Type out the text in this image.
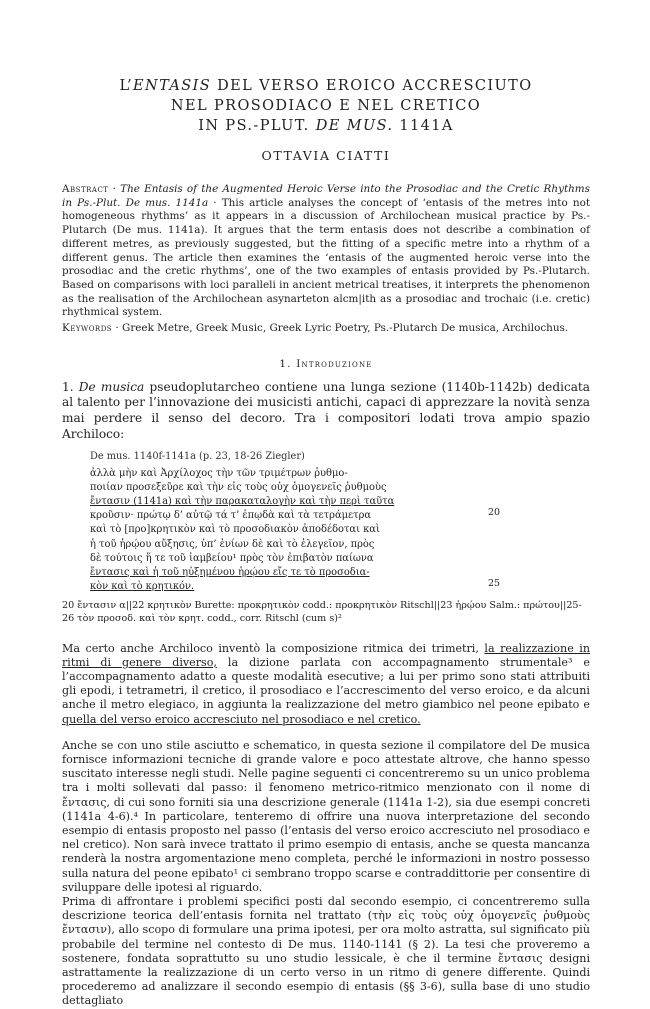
L’ENTASIS DEL VERSO EROICO ACCRESCIUTO
NEL PROSODIACO E NEL CRETICO
IN PS.-PLUT. DE MUS. 1141A
OTTAVIA CIATTI
Abstract · The Entasis of the Augmented Heroic Verse into the Prosodiac and the Cretic Rhythms in Ps.-Plut. De mus. 1141a · This article analyses the concept of ‘entasis of the metres into not homogeneous rhythms’ as it appears in a discussion of Archilochean musical practice by Ps.-Plutarch (De mus. 1141a). It argues that the term entasis does not describe a combination of different metres, as previously suggested, but the fitting of a specific metre into a rhythm of a different genus. The article then examines the ‘entasis of the augmented heroic verse into the prosodiac and the cretic rhythms’, one of the two examples of entasis provided by Ps.-Plutarch. Based on comparisons with loci paralleli in ancient metrical treatises, it interprets the phenomenon as the realisation of the Archilochean asynarteton alcm|ith as a prosodiac and trochaic (i.e. cretic) rhythmical system.
Keywords · Greek Metre, Greek Music, Greek Lyric Poetry, Ps.-Plutarch De musica, Archilochus.
1. Introduzione
1. De musica pseudoplutarcheo contiene una lunga sezione (1140b-1142b) dedicata al talento per l’innovazione dei musicisti antichi, capaci di apprezzare la novità senza mai perdere il senso del decoro. Tra i compositori lodati trova ampio spazio Archiloco:
De mus. 1140f-1141a (p. 23, 18-26 Ziegler)
ἀλλὰ μὴν καὶ Ἀρχίλοχος τὴν τῶν τριμέτρων ῥυθμο-
ποιίαν προσεξεῦρε καὶ τὴν εἰς τοὺς οὐχ ὁμογενεῖς ῥυθμοὺς
ἔντασιν (1141a) καὶ τὴν παρακαταλογὴν καὶ τὴν περὶ ταῦτα
κροῦσιν· πρώτῳ δ’ αὐτῷ τά τ’ ἐπῳδὰ καὶ τὰ τετράμετρα
καὶ τὸ [προ]κρητικὸν καὶ τὸ προσοδιακὸν ἀποδέδοται καὶ
ἡ τοῦ ἡρῴου αὔξησις, ὑπ’ ἐνίων δὲ καὶ τὸ ἐλεγεῖον, πρὸς
δὲ τούτοις ἥ τε τοῦ ἰαμβείου¹ πρὸς τὸν ἐπιβατὸν παίωνα
ἔντασις καὶ ἡ τοῦ ηὐξημένου ἡρῴου εἴς τε τὸ προσοδια-
κὸν καὶ τὸ κρητικόν.
20
25
20 ἔντασιν α||22 κρητικὸν Burette: προκρητικὸν codd.: προκρητικὸν Ritschl||23 ἡρῴου Salm.: πρώτου||25-26 τὸν προσοδ. καὶ τὸν κρητ. codd., corr. Ritschl (cum s)²
Ma certo anche Archiloco inventò la composizione ritmica dei trimetri, la realizzazione in ritmi di genere diverso, la dizione parlata con accompagnamento strumentale³ e l’accompagnamento adatto a queste modalità esecutive; a lui per primo sono stati attribuiti gli epodi, i tetrametri, il cretico, il prosodiaco e l’accrescimento del verso eroico, e da alcuni anche il metro elegiaco, in aggiunta la realizzazione del metro giambico nel peone epibato e quella del verso eroico accresciuto nel prosodiaco e nel cretico.
Anche se con uno stile asciutto e schematico, in questa sezione il compilatore del De musica fornisce informazioni tecniche di grande valore e poco attestate altrove, che hanno spesso suscitato interesse negli studi. Nelle pagine seguenti ci concentreremo su un unico problema tra i molti sollevati dal passo: il fenomeno metrico-ritmico menzionato con il nome di ἔντασις, di cui sono forniti sia una descrizione generale (1141a 1-2), sia due esempi concreti (1141a 4-6).⁴ In particolare, tenteremo di offrire una nuova interpretazione del secondo esempio di entasis proposto nel passo (l’entasis del verso eroico accresciuto nel prosodiaco e nel cretico). Non sarà invece trattato il primo esempio di entasis, anche se questa mancanza renderà la nostra argomentazione meno completa, perché le informazioni in nostro possesso sulla natura del peone epibato¹ ci sembrano troppo scarse e contraddittorie per consentire di sviluppare delle ipotesi al riguardo.
Prima di affrontare i problemi specifici posti dal secondo esempio, ci concentreremo sulla descrizione teorica dell’entasis fornita nel trattato (τὴν εἰς τοὺς οὐχ ὁμογενεῖς ῥυθμοὺς ἔντασιν), allo scopo di formulare una prima ipotesi, per ora molto astratta, sul significato più probabile del termine nel contesto di De mus. 1140-1141 (§ 2). La tesi che proveremo a sostenere, fondata soprattutto su uno studio lessicale, è che il termine ἔντασις designi astrattamente la realizzazione di un certo verso in un ritmo di genere differente. Quindi procederemo ad analizzare il secondo esempio di entasis (§§ 3-6), sulla base di uno studio dettagliato
